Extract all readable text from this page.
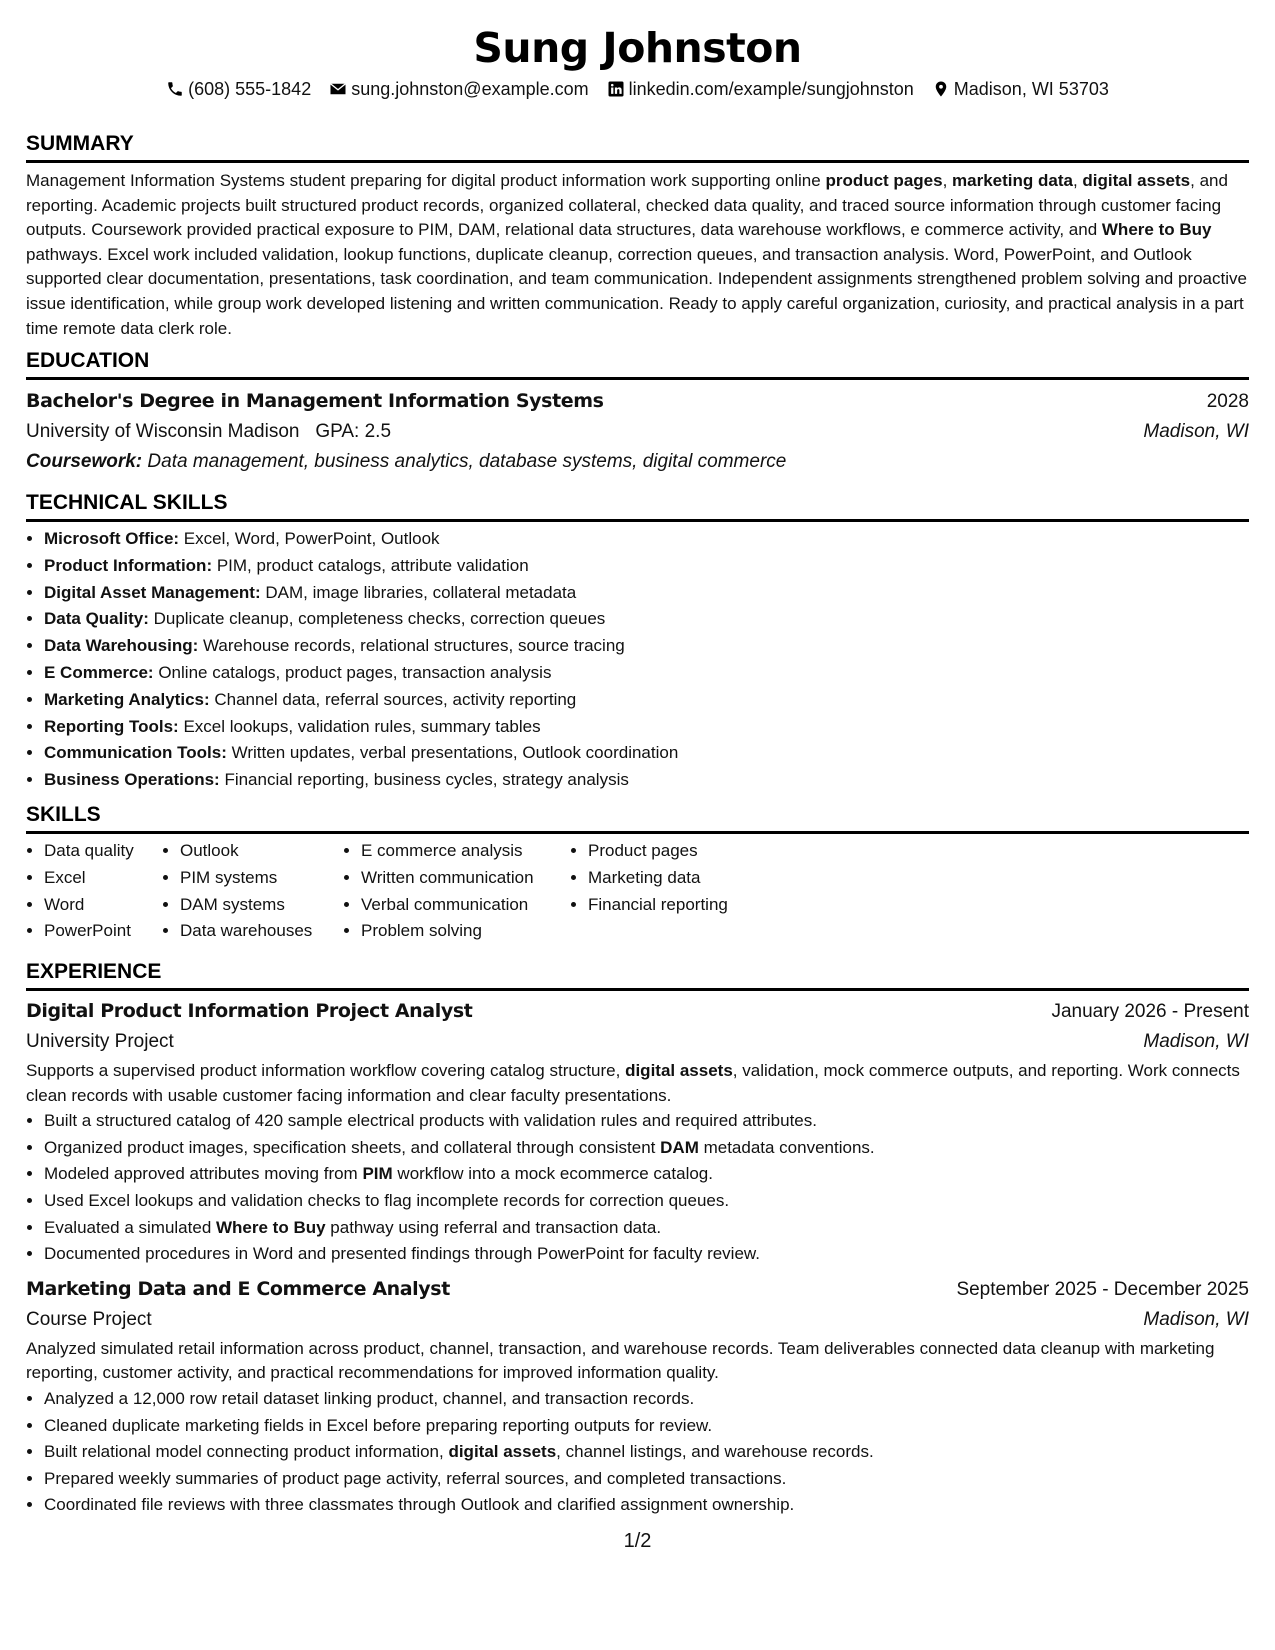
Sung Johnston
(608) 555-1842 sung.johnston@example.com linkedin.com/example/sungjohnston Madison, WI 53703
SUMMARY
Management Information Systems student preparing for digital product information work supporting online product pages, marketing data, digital assets, and reporting. Academic projects built structured product records, organized collateral, checked data quality, and traced source information through customer facing outputs. Coursework provided practical exposure to PIM, DAM, relational data structures, data warehouse workflows, e commerce activity, and Where to Buy pathways. Excel work included validation, lookup functions, duplicate cleanup, correction queues, and transaction analysis. Word, PowerPoint, and Outlook supported clear documentation, presentations, task coordination, and team communication. Independent assignments strengthened problem solving and proactive issue identification, while group work developed listening and written communication. Ready to apply careful organization, curiosity, and practical analysis in a part time remote data clerk role.
EDUCATION
Bachelor's Degree in Management Information Systems	2028
University of Wisconsin Madison GPA: 2.5	Madison, WI
Coursework: Data management, business analytics, database systems, digital commerce
TECHNICAL SKILLS
• Microsoft Office: Excel, Word, PowerPoint, Outlook
• Product Information: PIM, product catalogs, attribute validation
• Digital Asset Management: DAM, image libraries, collateral metadata
• Data Quality: Duplicate cleanup, completeness checks, correction queues
• Data Warehousing: Warehouse records, relational structures, source tracing
• E Commerce: Online catalogs, product pages, transaction analysis
• Marketing Analytics: Channel data, referral sources, activity reporting
• Reporting Tools: Excel lookups, validation rules, summary tables
• Communication Tools: Written updates, verbal presentations, Outlook coordination
• Business Operations: Financial reporting, business cycles, strategy analysis
SKILLS
• Data quality
• Excel
• Word
• PowerPoint
• Outlook
• PIM systems
• DAM systems
• Data warehouses
• E commerce analysis
• Written communication
• Verbal communication
• Problem solving
• Product pages
• Marketing data
• Financial reporting
EXPERIENCE
Digital Product Information Project Analyst	January 2026 - Present
University Project	Madison, WI
Supports a supervised product information workflow covering catalog structure, digital assets, validation, mock commerce outputs, and reporting. Work connects clean records with usable customer facing information and clear faculty presentations.
• Built a structured catalog of 420 sample electrical products with validation rules and required attributes.
• Organized product images, specification sheets, and collateral through consistent DAM metadata conventions.
• Modeled approved attributes moving from PIM workflow into a mock ecommerce catalog.
• Used Excel lookups and validation checks to flag incomplete records for correction queues.
• Evaluated a simulated Where to Buy pathway using referral and transaction data.
• Documented procedures in Word and presented findings through PowerPoint for faculty review.
Marketing Data and E Commerce Analyst	September 2025 - December 2025
Course Project	Madison, WI
Analyzed simulated retail information across product, channel, transaction, and warehouse records. Team deliverables connected data cleanup with marketing reporting, customer activity, and practical recommendations for improved information quality.
• Analyzed a 12,000 row retail dataset linking product, channel, and transaction records.
• Cleaned duplicate marketing fields in Excel before preparing reporting outputs for review.
• Built relational model connecting product information, digital assets, channel listings, and warehouse records.
• Prepared weekly summaries of product page activity, referral sources, and completed transactions.
• Coordinated file reviews with three classmates through Outlook and clarified assignment ownership.
1/2
